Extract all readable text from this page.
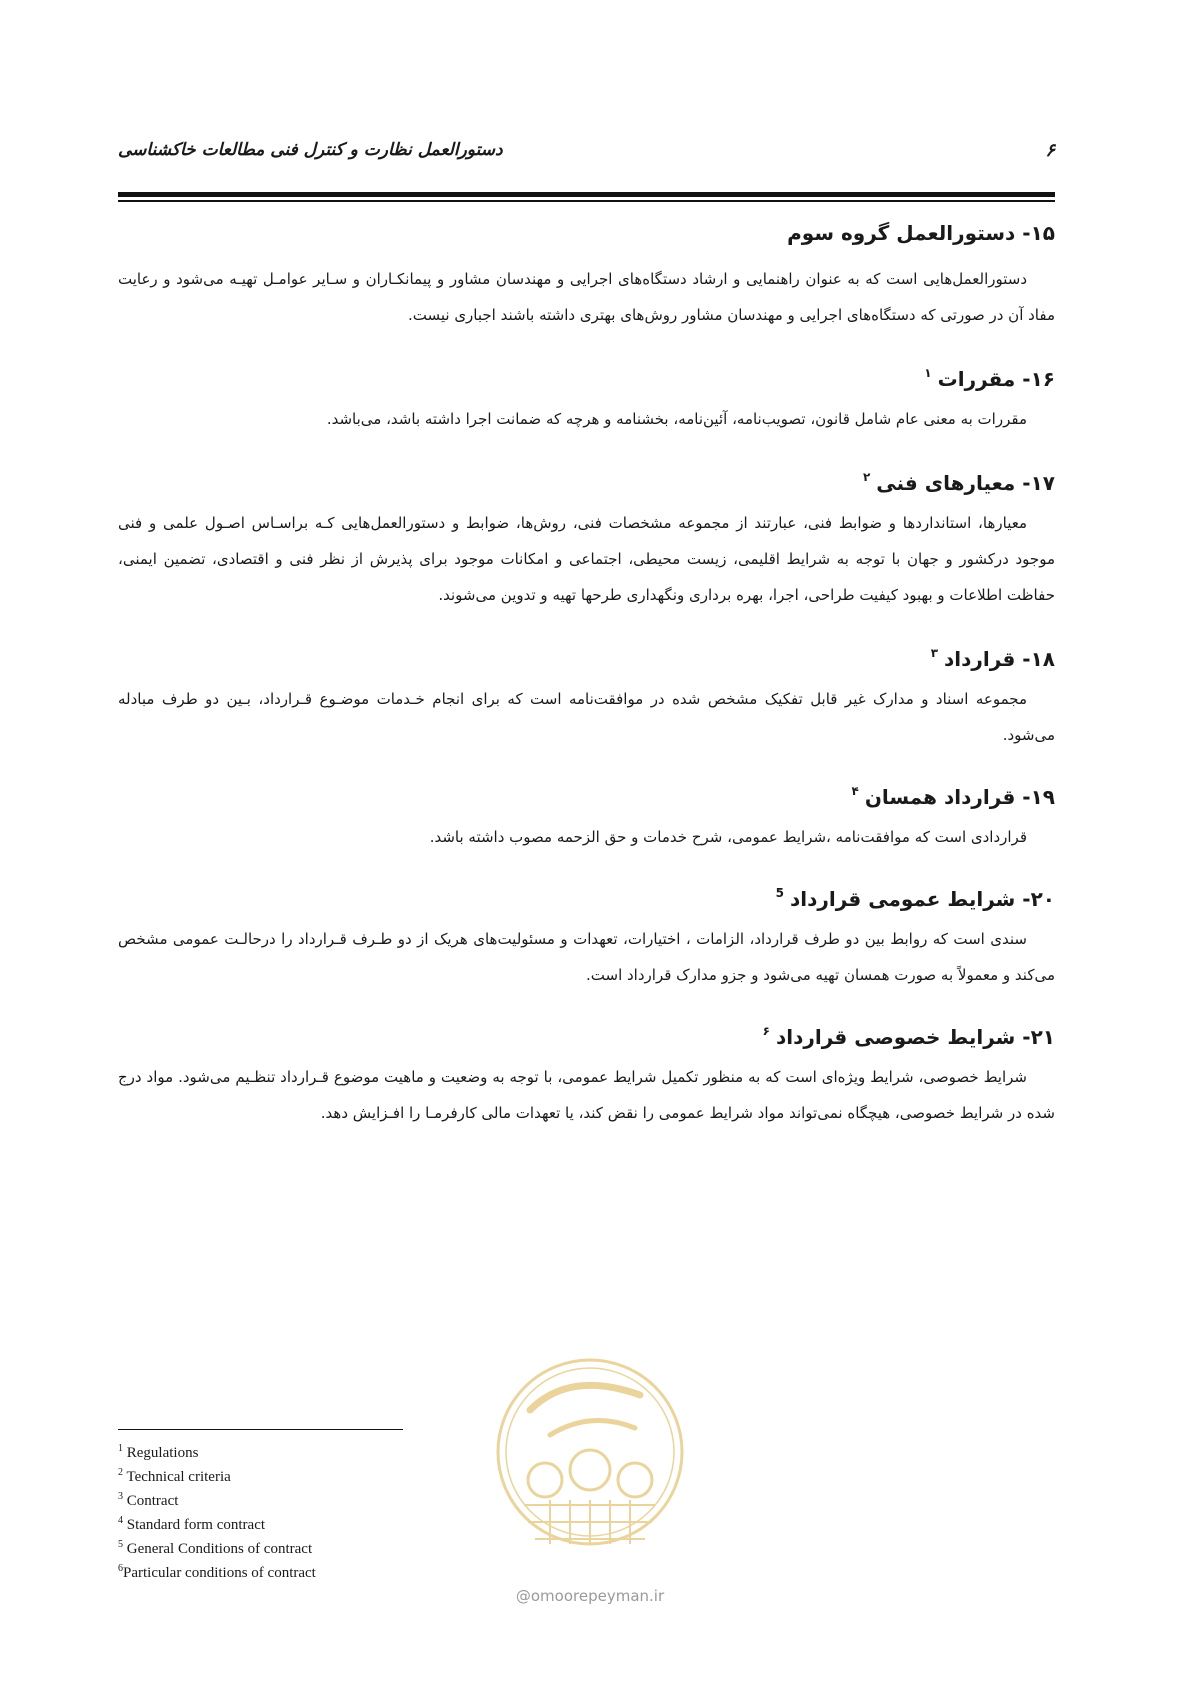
دستورالعمل نظارت و کنترل فنی مطالعات خاکشناسی	۶
۱۵- دستورالعمل گروه سوم

دستورالعمل‌هایی است که به عنوان راهنمایی و ارشاد دستگاه‌های اجرایی و مهندسان مشاور و پیمانکـاران و سـایر عوامـل تهیـه می‌شود و رعایت مفاد آن در صورتی که دستگاه‌های اجرایی و مهندسان مشاور روش‌های بهتری داشته باشند اجباری نیست.

۱۶- مقررات$^۱$

مقررات به معنی عام شامل قانون، تصویب‌نامه، آئین‌نامه، بخشنامه و هرچه که ضمانت اجرا داشته باشد، می‌باشد.

۱۷- معیارهای فنی$^۲$

معیارها، استانداردها و ضوابط فنی، عبارتند از مجموعه مشخصات فنی، روش‌ها، ضوابط و دستورالعمل‌هایی کـه براسـاس اصـول علمی و فنی موجود درکشور و جهان با توجه به شرایط اقلیمی، زیست محیطی، اجتماعی و امکانات موجود برای پذیرش از نظر فنی و اقتصادی، تضمین ایمنی، حفاظت اطلاعات و بهبود کیفیت طراحی، اجرا، بهره برداری ونگهداری طرحها تهیه و تدوین می‌شوند.

۱۸- قرارداد$^۳$

مجموعه اسناد و مدارک غیر قابل تفکیک مشخص شده در موافقت‌نامه است که برای انجام خـدمات موضـوع قـرارداد، بـین دو طرف مبادله می‌شود.

۱۹- قرارداد همسان$^۴$

قراردادی است که موافقت‌نامه ،شرایط عمومی، شرح خدمات و حق الزحمه مصوب داشته باشد.

۲۰- شرایط عمومی قرارداد$^5$

سندی است که روابط بین دو طرف قرارداد، الزامات ، اختیارات، تعهدات و مسئولیت‌های هریک از دو طـرف قـرارداد را درحالـت عمومی مشخص می‌کند و معمولاً به صورت همسان تهیه می‌شود و جزو مدارک قرارداد است.

۲۱- شرایط خصوصی قرارداد$^۶$

شرایط خصوصی، شرایط ویژه‌ای است که به منظور تکمیل شرایط عمومی، با توجه به وضعیت و ماهیت موضوع قـرارداد تنظـیم می‌شود. مواد درج شده در شرایط خصوصی، هیچگاه نمی‌تواند مواد شرایط عمومی را نقض کند، یا تعهدات مالی کارفرمـا را افـزایش دهد.

$^1$ Regulations
$^2$ Technical criteria
$^3$ Contract
$^4$ Standard form contract
$^5$ General Conditions of contract
$^6$Particular conditions of contract
@omoorepeyman.ir
